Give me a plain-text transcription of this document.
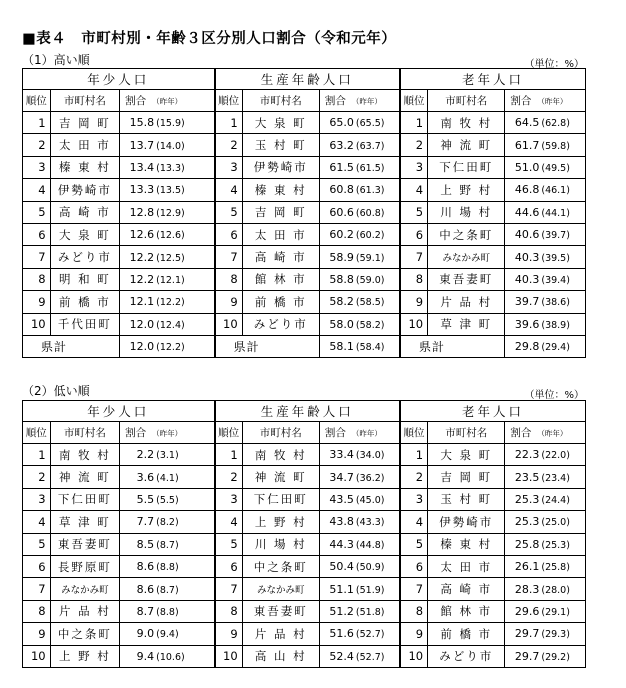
■表４　市町村別・年齢３区分別人口割合（令和元年）
（1）高い順	（単位：%）
年少人口			生産年齢人口			老年人口		
順位	市町村名	割合 （昨年）	順位	市町村名	割合 （昨年）	順位	市町村名	割合 （昨年）
1	吉 岡 町	15.8 (15.9)	1	大 泉 町	65.0 (65.5)	1	南 牧 村	64.5 (62.8)
2	太 田 市	13.7 (14.0)	2	玉 村 町	63.2 (63.7)	2	神 流 町	61.7 (59.8)
3	榛 東 村	13.4 (13.3)	3	伊勢崎市	61.5 (61.5)	3	下仁田町	51.0 (49.5)
4	伊勢崎市	13.3 (13.5)	4	榛 東 村	60.8 (61.3)	4	上 野 村	46.8 (46.1)
5	高 崎 市	12.8 (12.9)	5	吉 岡 町	60.6 (60.8)	5	川 場 村	44.6 (44.1)
6	大 泉 町	12.6 (12.6)	6	太 田 市	60.2 (60.2)	6	中之条町	40.6 (39.7)
7	みどり市	12.2 (12.5)	7	高 崎 市	58.9 (59.1)	7	みなかみ町	40.3 (39.5)
8	明 和 町	12.2 (12.1)	8	館 林 市	58.8 (59.0)	8	東吾妻町	40.3 (39.4)
9	前 橋 市	12.1 (12.2)	9	前 橋 市	58.2 (58.5)	9	片 品 村	39.7 (38.6)
10	千代田町	12.0 (12.4)	10	みどり市	58.0 (58.2)	10	草 津 町	39.6 (38.9)
県計		12.0 (12.2)	県計		58.1 (58.4)	県計		29.8 (29.4)
（2）低い順	（単位：%）
年少人口			生産年齢人口			老年人口		
順位	市町村名	割合 （昨年）	順位	市町村名	割合 （昨年）	順位	市町村名	割合 （昨年）
1	南 牧 村	2.2 (3.1)	1	南 牧 村	33.4 (34.0)	1	大 泉 町	22.3 (22.0)
2	神 流 町	3.6 (4.1)	2	神 流 町	34.7 (36.2)	2	吉 岡 町	23.5 (23.4)
3	下仁田町	5.5 (5.5)	3	下仁田町	43.5 (45.0)	3	玉 村 町	25.3 (24.4)
4	草 津 町	7.7 (8.2)	4	上 野 村	43.8 (43.3)	4	伊勢崎市	25.3 (25.0)
5	東吾妻町	8.5 (8.7)	5	川 場 村	44.3 (44.8)	5	榛 東 村	25.8 (25.3)
6	長野原町	8.6 (8.8)	6	中之条町	50.4 (50.9)	6	太 田 市	26.1 (25.8)
7	みなかみ町	8.6 (8.7)	7	みなかみ町	51.1 (51.9)	7	高 崎 市	28.3 (28.0)
8	片 品 村	8.7 (8.8)	8	東吾妻町	51.2 (51.8)	8	館 林 市	29.6 (29.1)
9	中之条町	9.0 (9.4)	9	片 品 村	51.6 (52.7)	9	前 橋 市	29.7 (29.3)
10	上 野 村	9.4 (10.6)	10	高 山 村	52.4 (52.7)	10	みどり市	29.7 (29.2)
